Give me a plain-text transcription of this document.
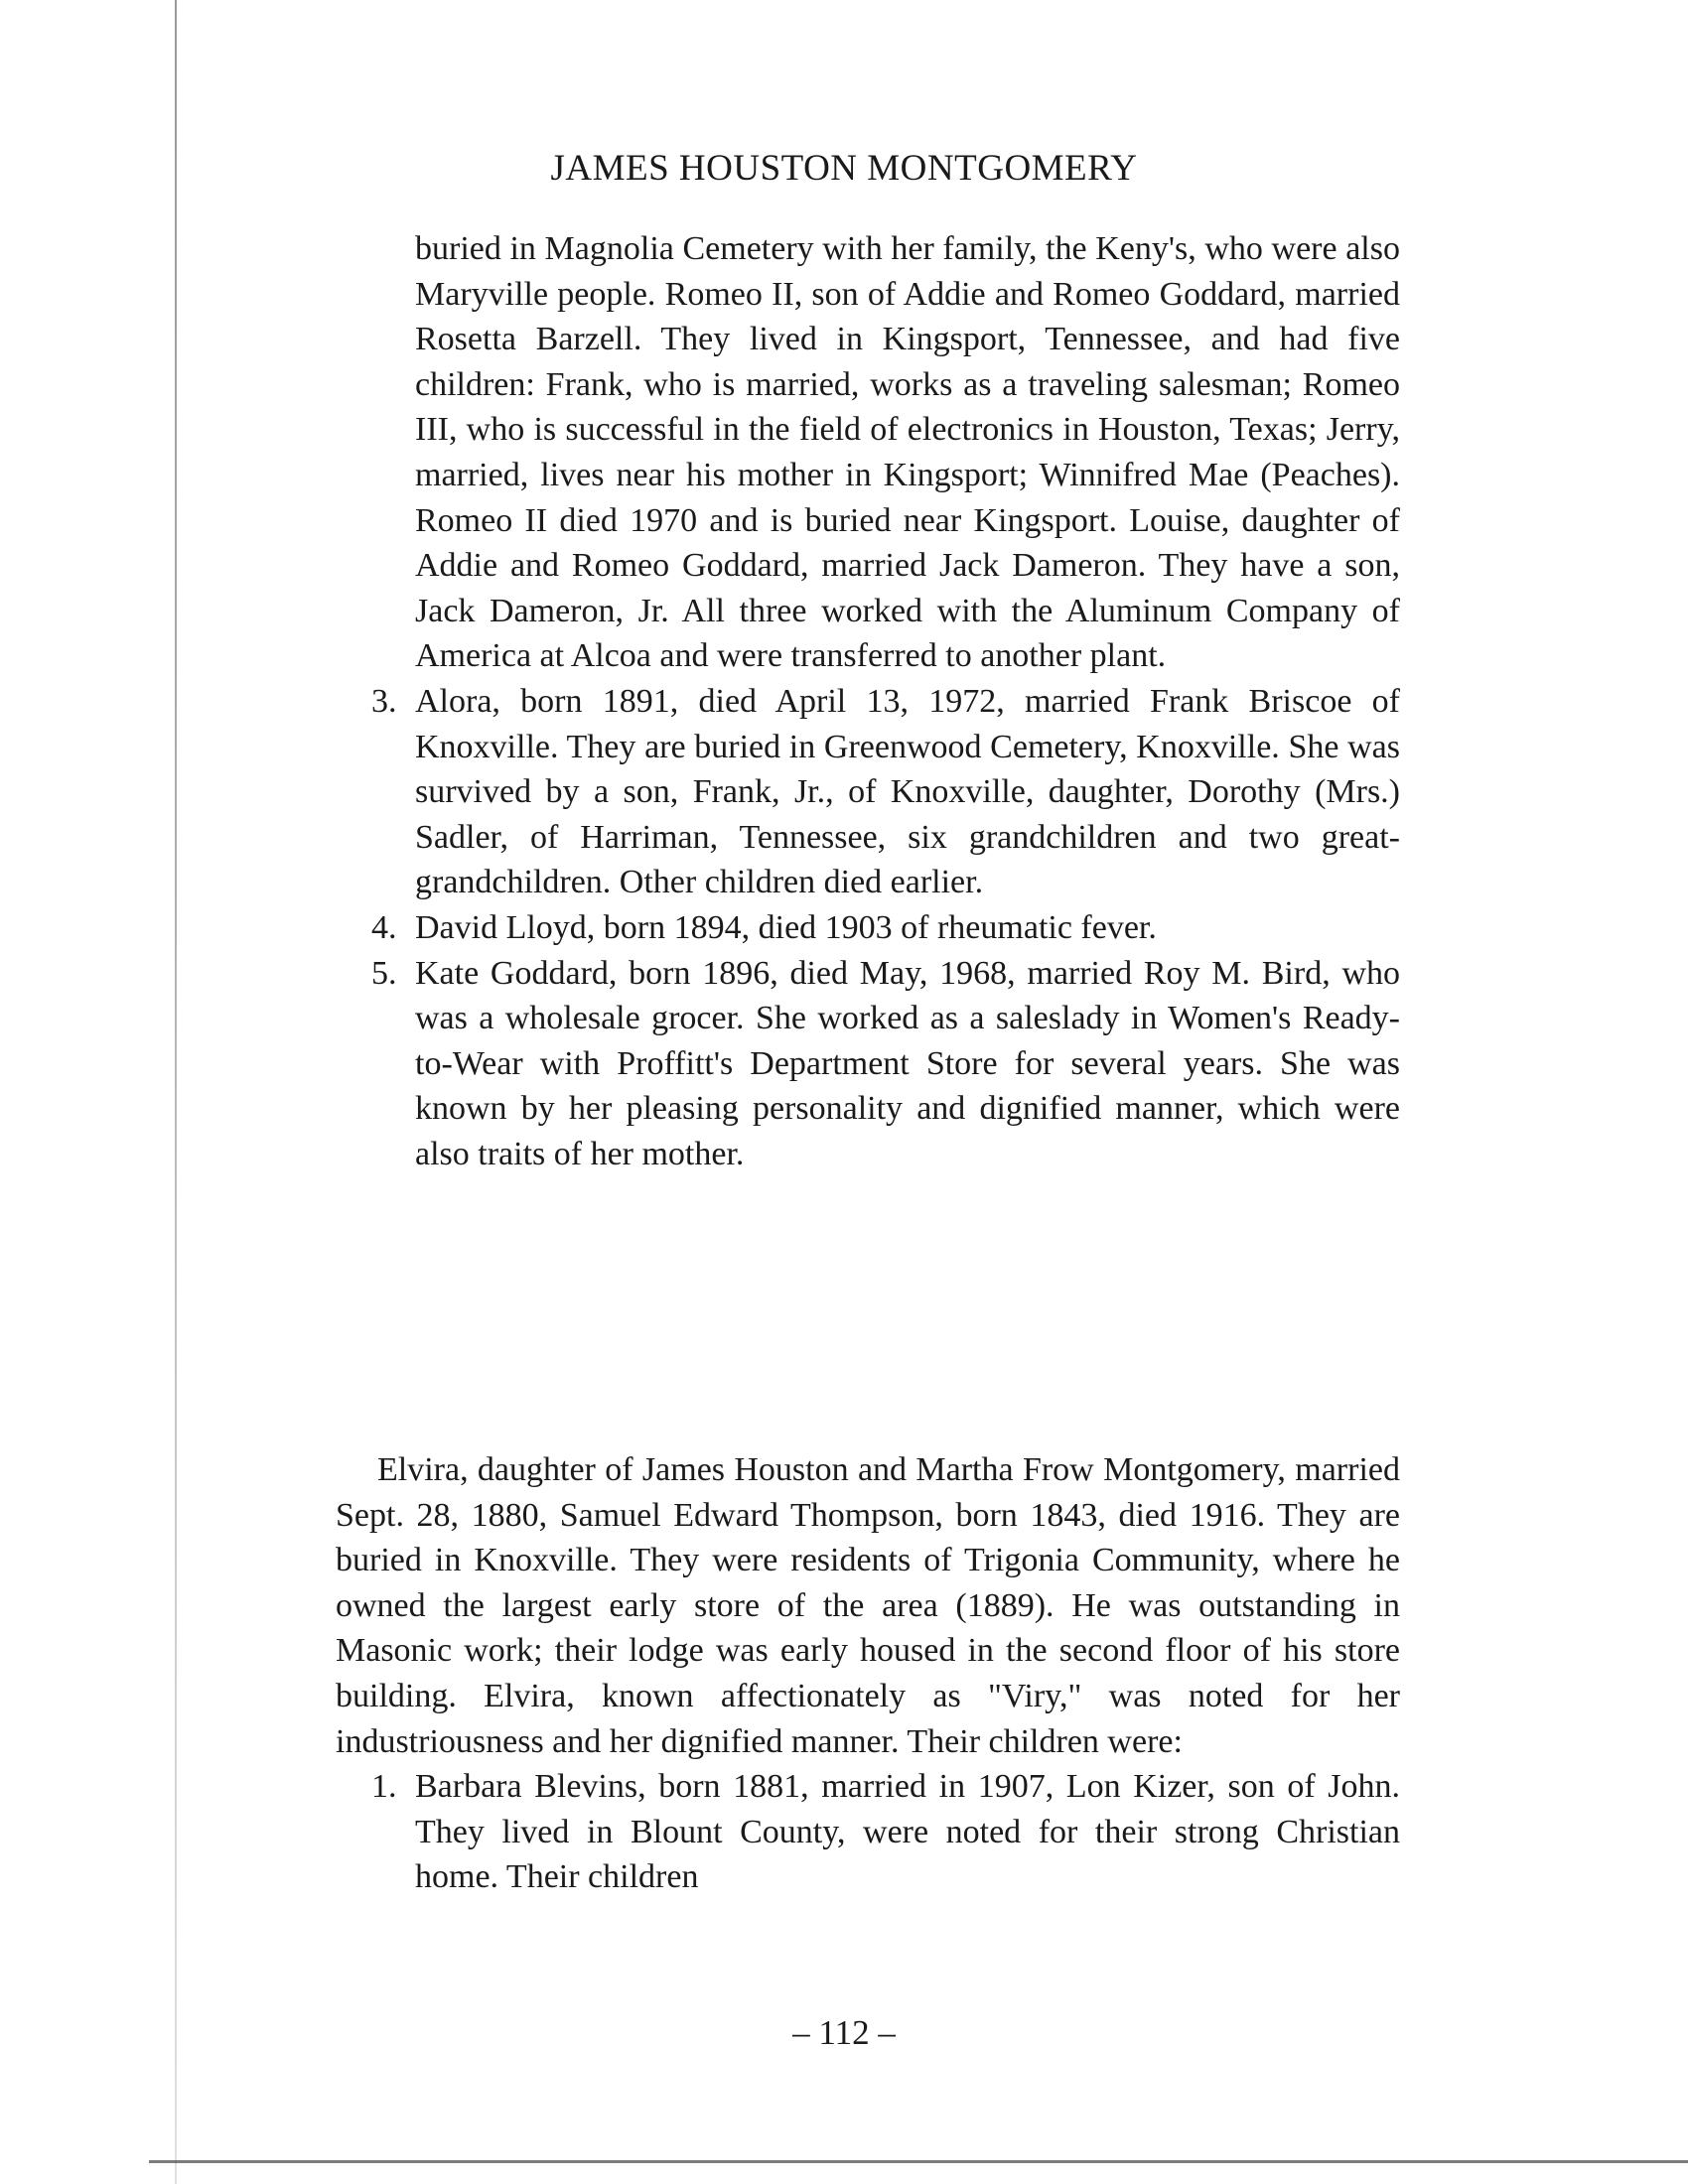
JAMES HOUSTON MONTGOMERY

buried in Magnolia Cemetery with her family, the Keny's, who were also Maryville people. Romeo II, son of Addie and Romeo Goddard, married Rosetta Barzell. They lived in Kingsport, Tennessee, and had five children: Frank, who is married, works as a traveling salesman; Romeo III, who is successful in the field of electronics in Houston, Texas; Jerry, married, lives near his mother in Kingsport; Winnifred Mae (Peaches). Romeo II died 1970 and is buried near Kingsport. Louise, daughter of Addie and Romeo Goddard, married Jack Dameron. They have a son, Jack Dameron, Jr. All three worked with the Aluminum Company of America at Alcoa and were transferred to another plant.

3. Alora, born 1891, died April 13, 1972, married Frank Briscoe of Knoxville. They are buried in Greenwood Cemetery, Knoxville. She was survived by a son, Frank, Jr., of Knoxville, daughter, Dorothy (Mrs.) Sadler, of Harriman, Tennessee, six grandchildren and two great-grandchildren. Other children died earlier.

4. David Lloyd, born 1894, died 1903 of rheumatic fever.

5. Kate Goddard, born 1896, died May, 1968, married Roy M. Bird, who was a wholesale grocer. She worked as a saleslady in Women's Ready-to-Wear with Proffitt's Department Store for several years. She was known by her pleasing personality and dignified manner, which were also traits of her mother.

Elvira, daughter of James Houston and Martha Frow Montgomery, married Sept. 28, 1880, Samuel Edward Thompson, born 1843, died 1916. They are buried in Knoxville. They were residents of Trigonia Community, where he owned the largest early store of the area (1889). He was outstanding in Masonic work; their lodge was early housed in the second floor of his store building. Elvira, known affectionately as "Viry," was noted for her industriousness and her dignified manner. Their children were:

1. Barbara Blevins, born 1881, married in 1907, Lon Kizer, son of John. They lived in Blount County, were noted for their strong Christian home. Their children

– 112 –
